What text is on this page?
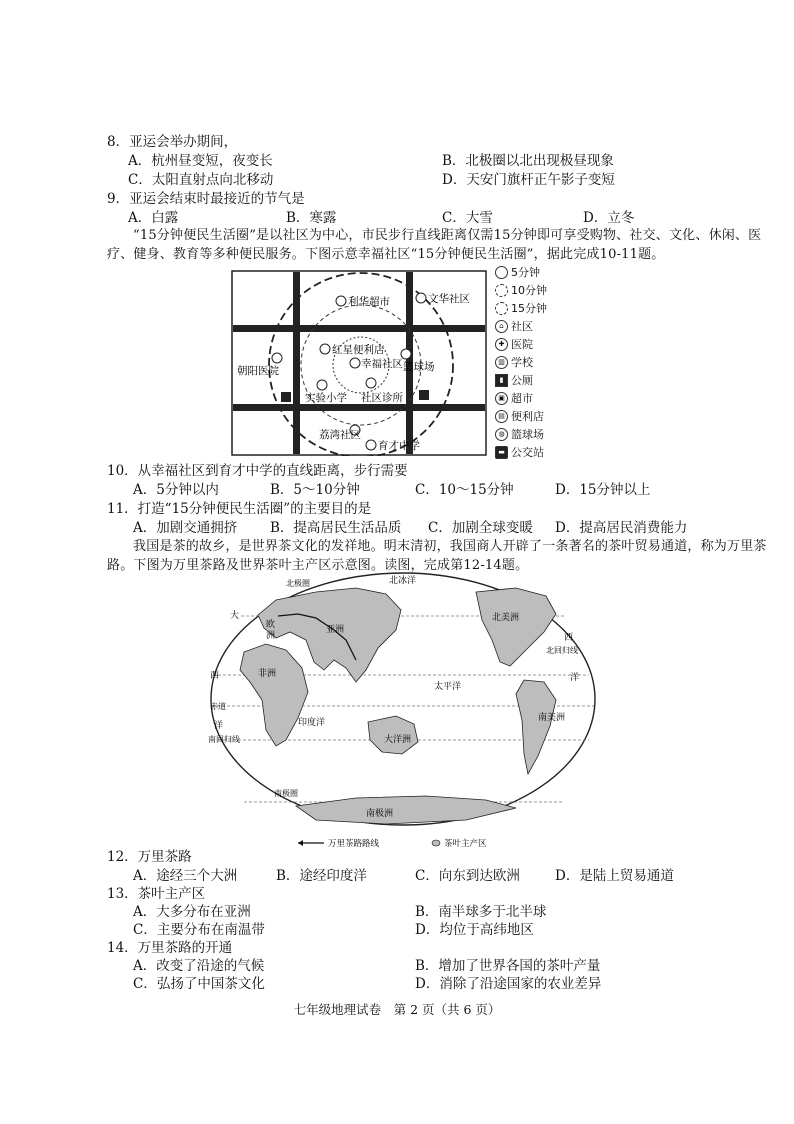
8．亚运会举办期间，
A．杭州昼变短，夜变长	B．北极圈以北出现极昼现象
C．太阳直射点向北移动	D．天安门旗杆正午影子变短
9．亚运会结束时最接近的节气是
A．白露	B．寒露	C．大雪	D．立冬
“15分钟便民生活圈”是以社区为中心，市民步行直线距离仅需15分钟即可享受购物、社交、文化、休闲、医疗、健身、教育等多种便民服务。下图示意幸福社区“15分钟便民生活圈”，据此完成10-11题。
利华超市	文华社区
红星便利店
幸福社区 篮球场
朝阳医院
实验小学 社区诊所
荔湾社区
育才中学
5分钟
10分钟
15分钟
⌂ 社区
✚ 医院
▥ 学校
▮ 公厕
▣ 超市
▤ 便利店
◍ 篮球场
▬ 公交站
10．从幸福社区到育才中学的直线距离，步行需要
A．5分钟以内	B．5～10分钟	C．10～15分钟	D．15分钟以上
11．打造“15分钟便民生活圈”的主要目的是
A．加剧交通拥挤 B．提高居民生活品质 C．加剧全球变暖 D．提高居民消费能力
我国是茶的故乡，是世界茶文化的发祥地。明末清初，我国商人开辟了一条著名的茶叶贸易通道，称为万里茶路。下图为万里茶路及世界茶叶主产区示意图。读图，完成第12-14题。
北冰洋
北极圈
大
欧
洲
亚洲
北美洲
西
北回归线
西	非洲
太平洋
洋
赤道
洋	印度洋
南回归线	大洋洲
南美洲
南极圈
南极洲
万里茶路路线	茶叶主产区
12．万里茶路
A．途经三个大洲	B．途经印度洋	C．向东到达欧洲	D．是陆上贸易通道
13．茶叶主产区
A．大多分布在亚洲	B．南半球多于北半球
C．主要分布在南温带	D．均位于高纬地区
14．万里茶路的开通
A．改变了沿途的气候	B．增加了世界各国的茶叶产量
C．弘扬了中国茶文化	D．消除了沿途国家的农业差异
七年级地理试卷　第 2 页（共 6 页）
